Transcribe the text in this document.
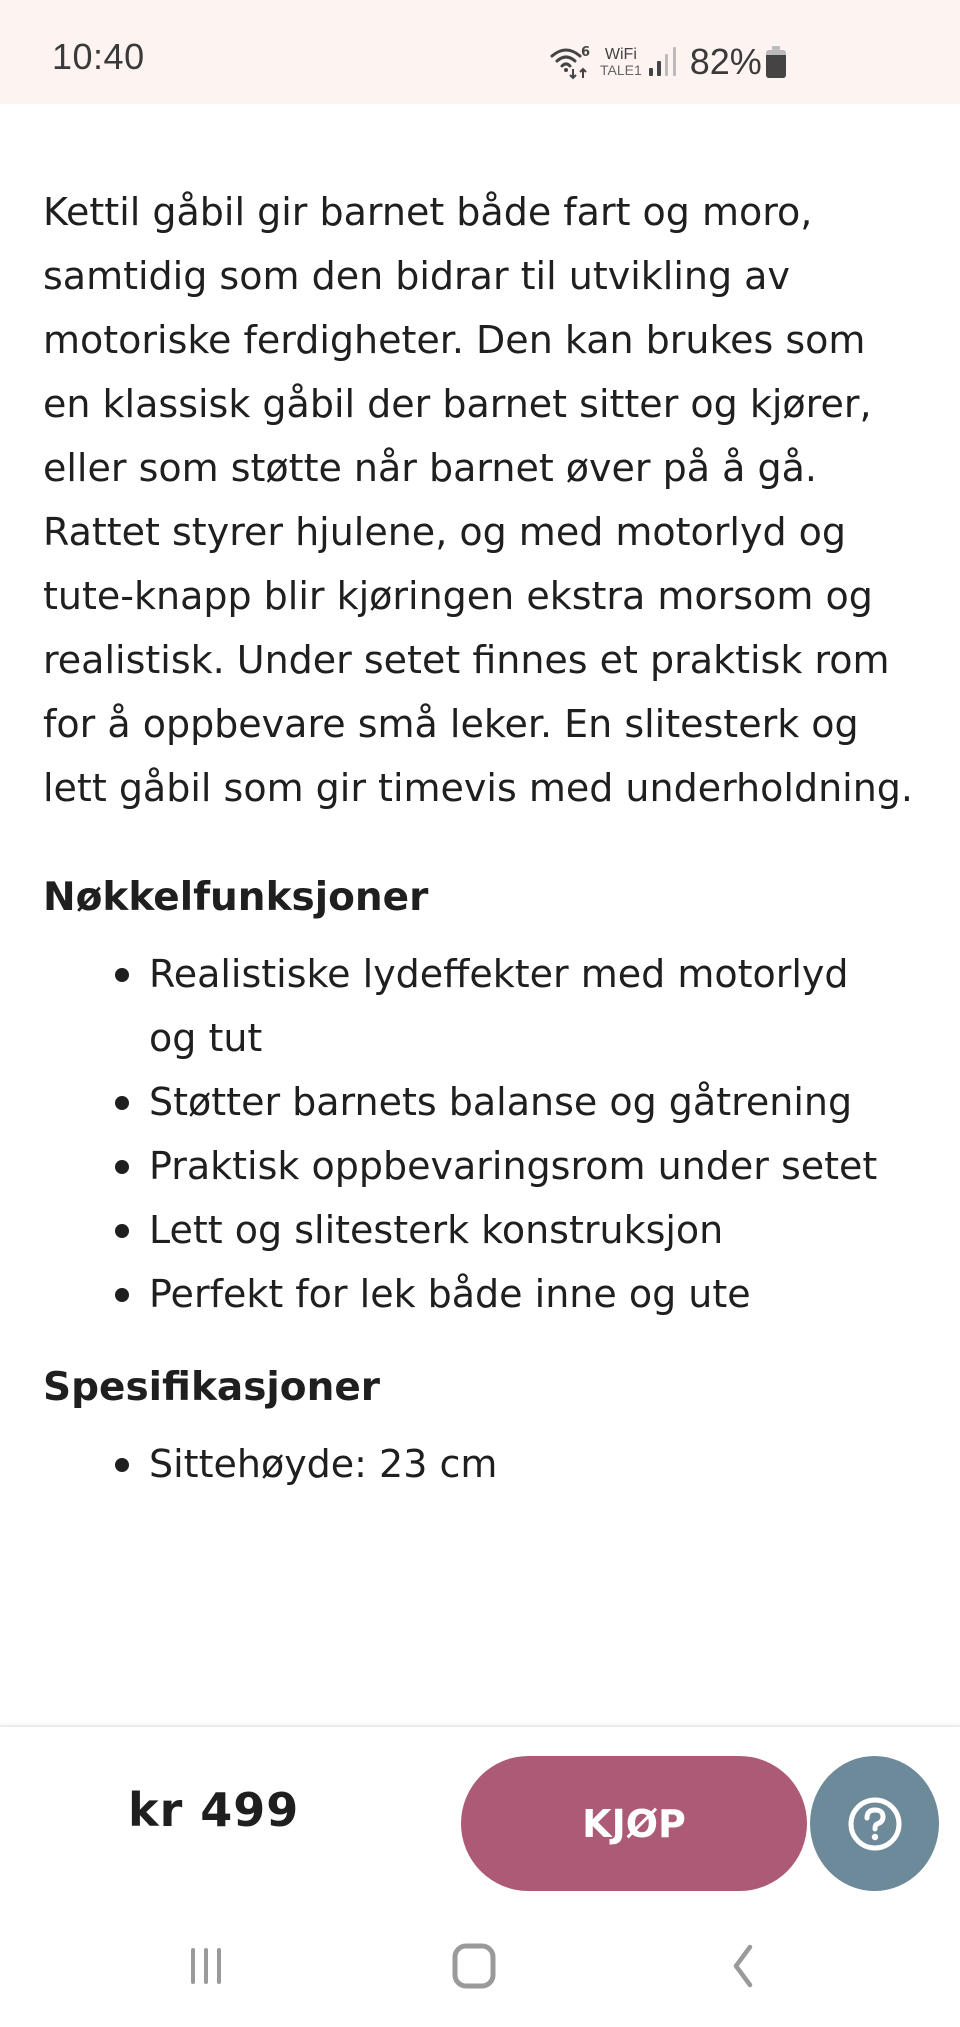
10:40	6 WiFi
TALE1 82%

Kettil gåbil gir barnet både fart og moro, samtidig som den bidrar til utvikling av motoriske ferdigheter. Den kan brukes som en klassisk gåbil der barnet sitter og kjører, eller som støtte når barnet øver på å gå. Rattet styrer hjulene, og med motorlyd og tute-knapp blir kjøringen ekstra morsom og realistisk. Under setet finnes et praktisk rom for å oppbevare små leker. En slitesterk og lett gåbil som gir timevis med underholdning.

Nøkkelfunksjoner
Realistiske lydeffekter med motorlyd og tut
Støtter barnets balanse og gåtrening
Praktisk oppbevaringsrom under setet
Lett og slitesterk konstruksjon
Perfekt for lek både inne og ute
Spesifikasjoner
Sittehøyde: 23 cm
kr 499	KJØP
